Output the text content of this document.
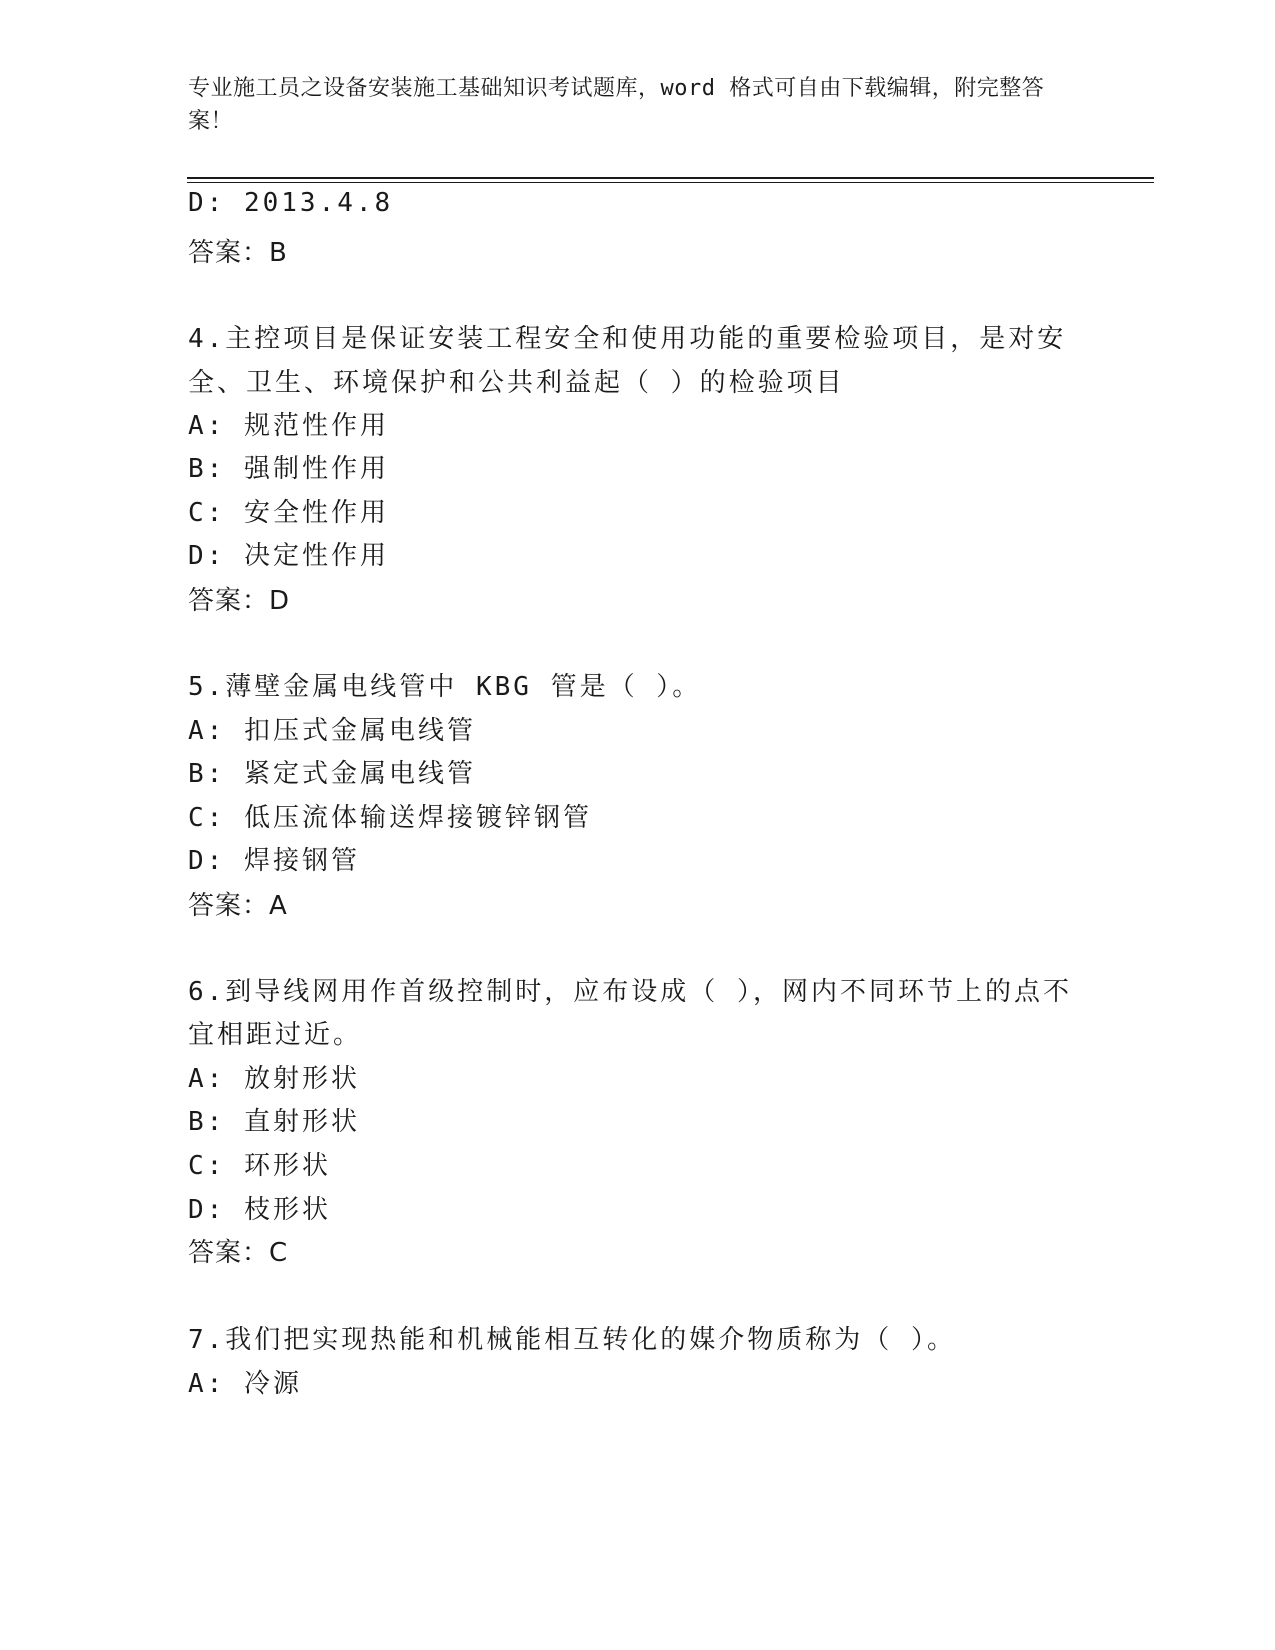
专业施工员之设备安装施工基础知识考试题库，word 格式可自由下载编辑，附完整答案！
D: 2013.4.8
答案：B
4.主控项目是保证安装工程安全和使用功能的重要检验项目，是对安
全、卫生、环境保护和公共利益起（ ）的检验项目
A: 规范性作用
B: 强制性作用
C: 安全性作用
D: 决定性作用
答案：D
5.薄壁金属电线管中 KBG 管是（ ）。
A: 扣压式金属电线管
B: 紧定式金属电线管
C: 低压流体输送焊接镀锌钢管
D: 焊接钢管
答案：A
6.到导线网用作首级控制时，应布设成（ ），网内不同环节上的点不
宜相距过近。
A: 放射形状
B: 直射形状
C: 环形状
D: 枝形状
答案：C
7.我们把实现热能和机械能相互转化的媒介物质称为（ ）。
A: 冷源
